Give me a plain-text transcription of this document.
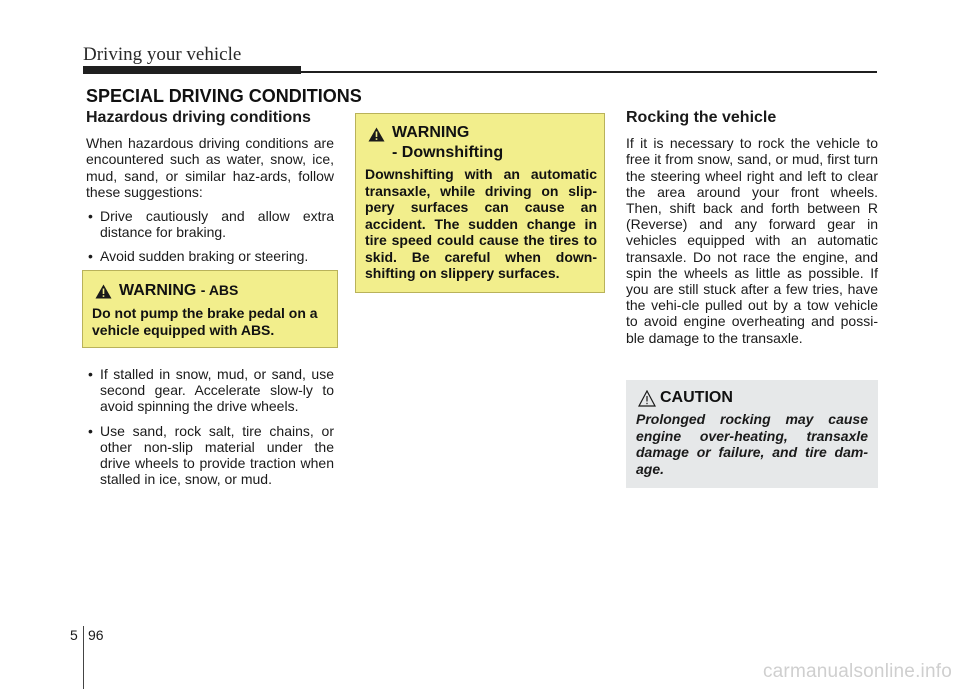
Driving your vehicle
SPECIAL DRIVING CONDITIONS
Hazardous driving conditions

When hazardous driving conditions are encountered such as water, snow, ice, mud, sand, or similar haz-ards, follow these suggestions:

• Drive cautiously and allow extra distance for braking.
• Avoid sudden braking or steering.
WARNING - ABS
Do not pump the brake pedal on a vehicle equipped with ABS.
• If stalled in snow, mud, or sand, use second gear. Accelerate slow-ly to avoid spinning the drive wheels.
• Use sand, rock salt, tire chains, or other non-slip material under the drive wheels to provide traction when stalled in ice, snow, or mud.
WARNING
- Downshifting
Downshifting with an automatic transaxle, while driving on slip-pery surfaces can cause an accident. The sudden change in tire speed could cause the tires to skid. Be careful when down-shifting on slippery surfaces.
Rocking the vehicle

If it is necessary to rock the vehicle to free it from snow, sand, or mud, first turn the steering wheel right and left to clear the area around your front wheels. Then, shift back and forth between R (Reverse) and any forward gear in vehicles equipped with an automatic transaxle. Do not race the engine, and spin the wheels as little as possible. If you are still stuck after a few tries, have the vehi-cle pulled out by a tow vehicle to avoid engine overheating and possi-ble damage to the transaxle.

CAUTION
Prolonged rocking may cause engine over-heating, transaxle damage or failure, and tire dam-age.
5 96
carmanualsonline.info
